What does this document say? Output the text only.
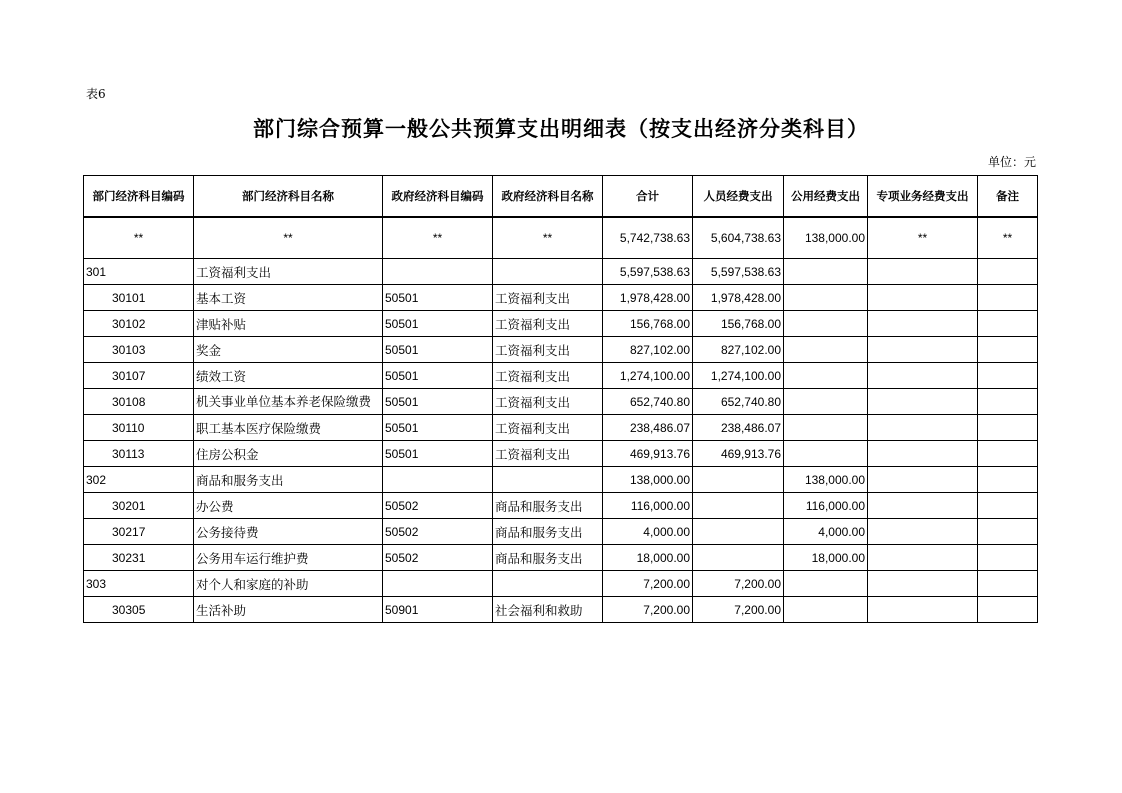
表6
部门综合预算一般公共预算支出明细表（按支出经济分类科目）
单位：元
部门经济科目编码	部门经济科目名称	政府经济科目编码	政府经济科目名称	合计	人员经费支出	公用经费支出	专项业务经费支出	备注
**	**	**	**	5,742,738.63	5,604,738.63	138,000.00	**	**
301	工资福利支出			5,597,538.63	5,597,538.63			
30101	基本工资	50501	工资福利支出	1,978,428.00	1,978,428.00			
30102	津贴补贴	50501	工资福利支出	156,768.00	156,768.00			
30103	奖金	50501	工资福利支出	827,102.00	827,102.00			
30107	绩效工资	50501	工资福利支出	1,274,100.00	1,274,100.00			
30108	机关事业单位基本养老保险缴费	50501	工资福利支出	652,740.80	652,740.80			
30110	职工基本医疗保险缴费	50501	工资福利支出	238,486.07	238,486.07			
30113	住房公积金	50501	工资福利支出	469,913.76	469,913.76			
302	商品和服务支出			138,000.00		138,000.00		
30201	办公费	50502	商品和服务支出	116,000.00		116,000.00		
30217	公务接待费	50502	商品和服务支出	4,000.00		4,000.00		
30231	公务用车运行维护费	50502	商品和服务支出	18,000.00		18,000.00		
303	对个人和家庭的补助			7,200.00	7,200.00			
30305	生活补助	50901	社会福利和救助	7,200.00	7,200.00			
